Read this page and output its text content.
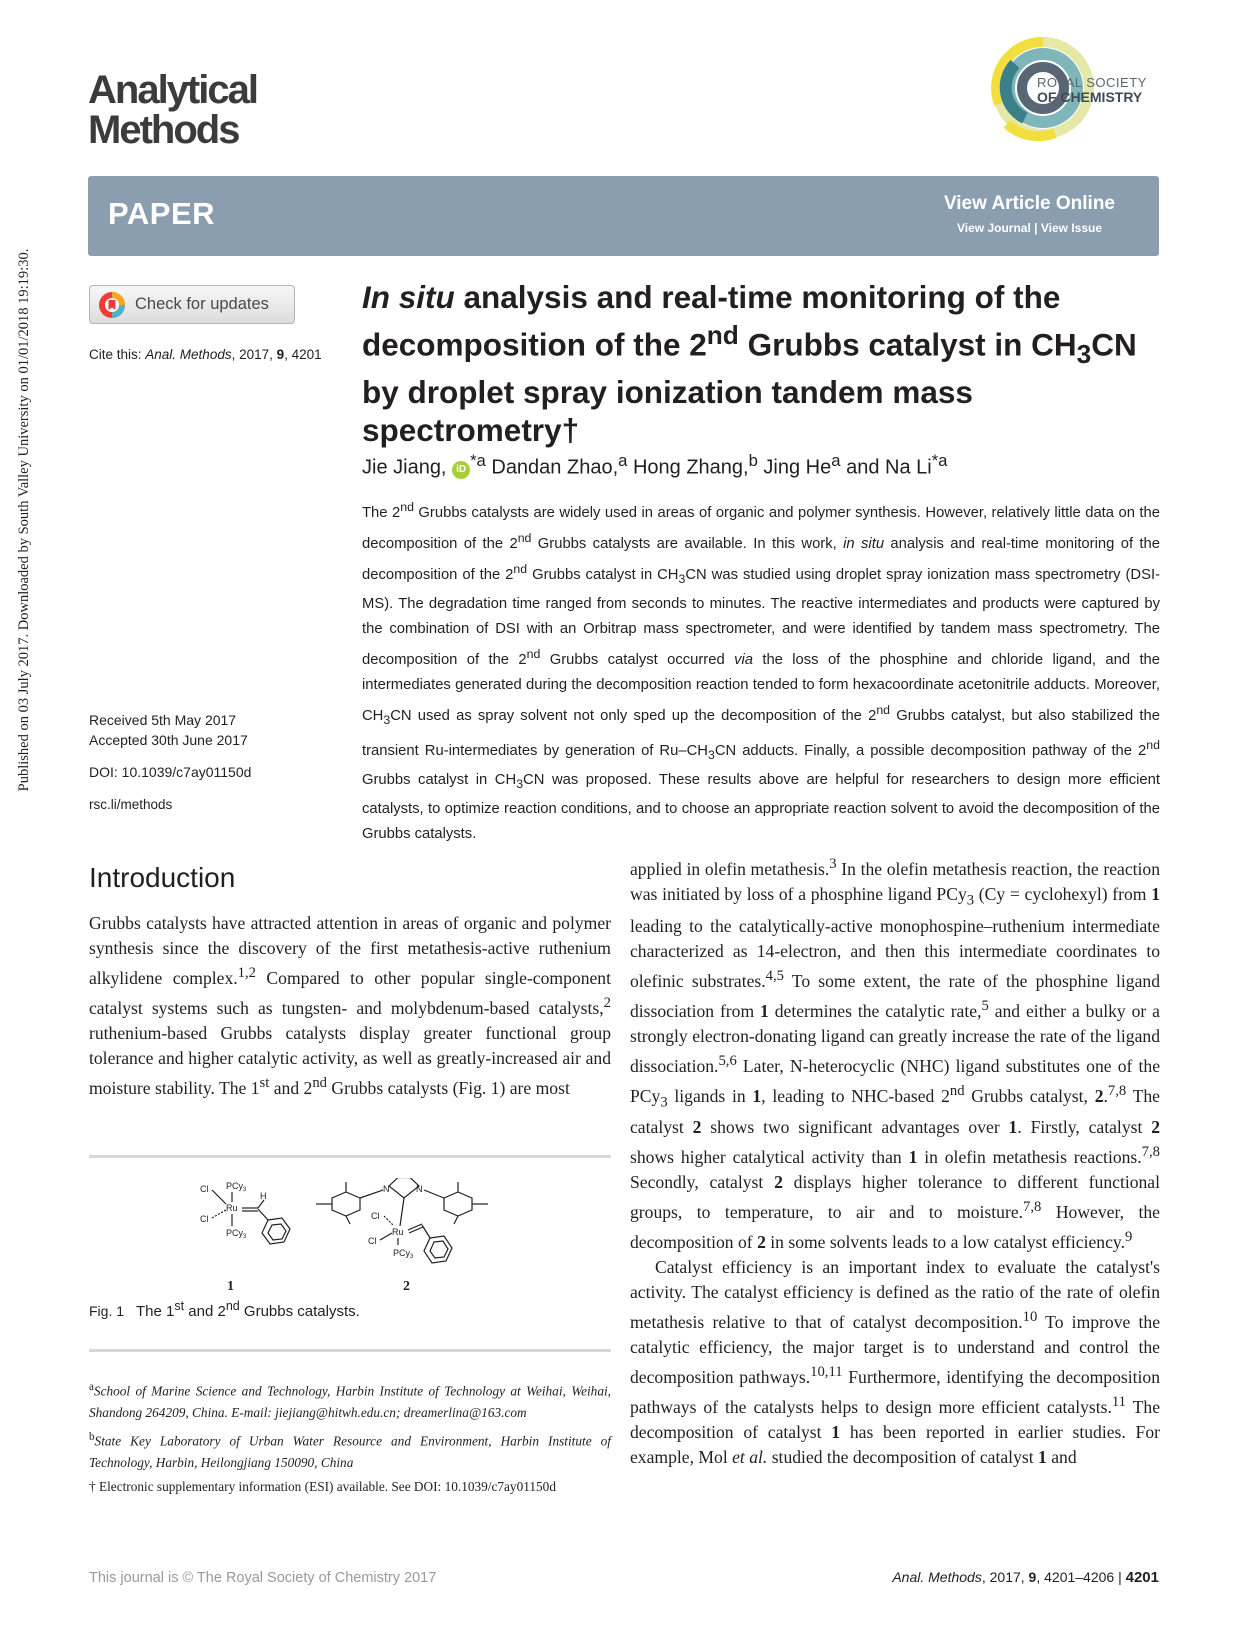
Published on 03 July 2017. Downloaded by South Valley University on 01/01/2018 19:19:30.
Analytical
Methods
ROYAL SOCIETY
OF CHEMISTRY
PAPER	View Article Online
View Journal | View Issue
Check for updates
Cite this: Anal. Methods, 2017, 9, 4201
Received 5th May 2017
Accepted 30th June 2017
DOI: 10.1039/c7ay01150d
rsc.li/methods
In situ analysis and real-time monitoring of the decomposition of the 2nd Grubbs catalyst in $CH_3CN$ by droplet spray ionization tandem mass spectrometry†
Jie Jiang, iD $^{*a}$ Dandan Zhao,$^a$ Hong Zhang,$^b$ Jing He$^a$ and Na Li$^{*a}$
The 2nd Grubbs catalysts are widely used in areas of organic and polymer synthesis. However, relatively little data on the decomposition of the 2nd Grubbs catalysts are available. In this work, in situ analysis and real-time monitoring of the decomposition of the 2nd Grubbs catalyst in $CH_3CN$ was studied using droplet spray ionization mass spectrometry (DSI-MS). The degradation time ranged from seconds to minutes. The reactive intermediates and products were captured by the combination of DSI with an Orbitrap mass spectrometer, and were identified by tandem mass spectrometry. The decomposition of the 2nd Grubbs catalyst occurred via the loss of the phosphine and chloride ligand, and the intermediates generated during the decomposition reaction tended to form hexacoordinate acetonitrile adducts. Moreover, $CH_3CN$ used as spray solvent not only sped up the decomposition of the 2nd Grubbs catalyst, but also stabilized the transient Ru-intermediates by generation of $Ru-CH_3CN$ adducts. Finally, a possible decomposition pathway of the 2nd Grubbs catalyst in $CH_3CN$ was proposed. These results above are helpful for researchers to design more efficient catalysts, to optimize reaction conditions, and to choose an appropriate reaction solvent to avoid the decomposition of the Grubbs catalysts.
Introduction

Grubbs catalysts have attracted attention in areas of organic and polymer synthesis since the discovery of the first metathesis-active ruthenium alkylidene complex.$^{1,2}$ Compared to other popular single-component catalyst systems such as tungsten- and molybdenum-based catalysts,$^2$ ruthenium-based Grubbs catalysts display greater functional group tolerance and higher catalytic activity, as well as greatly-increased air and moisture stability. The 1st and 2nd Grubbs catalysts (Fig. 1) are most

Cl
Cl
PCy$_3$
PCy$_3$
Ru
H
N	N
Cl
Cl
Ru
PCy$_3$
1	2
Fig. 1 The 1st and 2nd Grubbs catalysts.

$^a$School of Marine Science and Technology, Harbin Institute of Technology at Weihai, Weihai, Shandong 264209, China. E-mail: jiejiang@hitwh.edu.cn; dreamerlina@163.com

$^b$State Key Laboratory of Urban Water Resource and Environment, Harbin Institute of Technology, Harbin, Heilongjiang 150090, China

† Electronic supplementary information (ESI) available. See DOI: 10.1039/c7ay01150d

applied in olefin metathesis.$^3$ In the olefin metathesis reaction, the reaction was initiated by loss of a phosphine ligand PCy$_3$ (Cy = cyclohexyl) from 1 leading to the catalytically-active monophospine–ruthenium intermediate characterized as 14-electron, and then this intermediate coordinates to olefinic substrates.$^{4,5}$ To some extent, the rate of the phosphine ligand dissociation from 1 determines the catalytic rate,$^5$ and either a bulky or a strongly electron-donating ligand can greatly increase the rate of the ligand dissociation.$^{5,6}$ Later, N-heterocyclic (NHC) ligand substitutes one of the PCy$_3$ ligands in 1, leading to NHC-based 2nd Grubbs catalyst, 2.$^{7,8}$ The catalyst 2 shows two significant advantages over 1. Firstly, catalyst 2 shows higher catalytical activity than 1 in olefin metathesis reactions.$^{7,8}$ Secondly, catalyst 2 displays higher tolerance to different functional groups, to temperature, to air and to moisture.$^{7,8}$ However, the decomposition of 2 in some solvents leads to a low catalyst efficiency.$^9$

Catalyst efficiency is an important index to evaluate the catalyst's activity. The catalyst efficiency is defined as the ratio of the rate of olefin metathesis relative to that of catalyst decomposition.$^{10}$ To improve the catalytic efficiency, the major target is to understand and control the decomposition pathways.$^{10,11}$ Furthermore, identifying the decomposition pathways of the catalysts helps to design more efficient catalysts.$^{11}$ The decomposition of catalyst 1 has been reported in earlier studies. For example, Mol et al. studied the decomposition of catalyst 1 and

This journal is © The Royal Society of Chemistry 2017	Anal. Methods, 2017, 9, 4201–4206 | 4201
